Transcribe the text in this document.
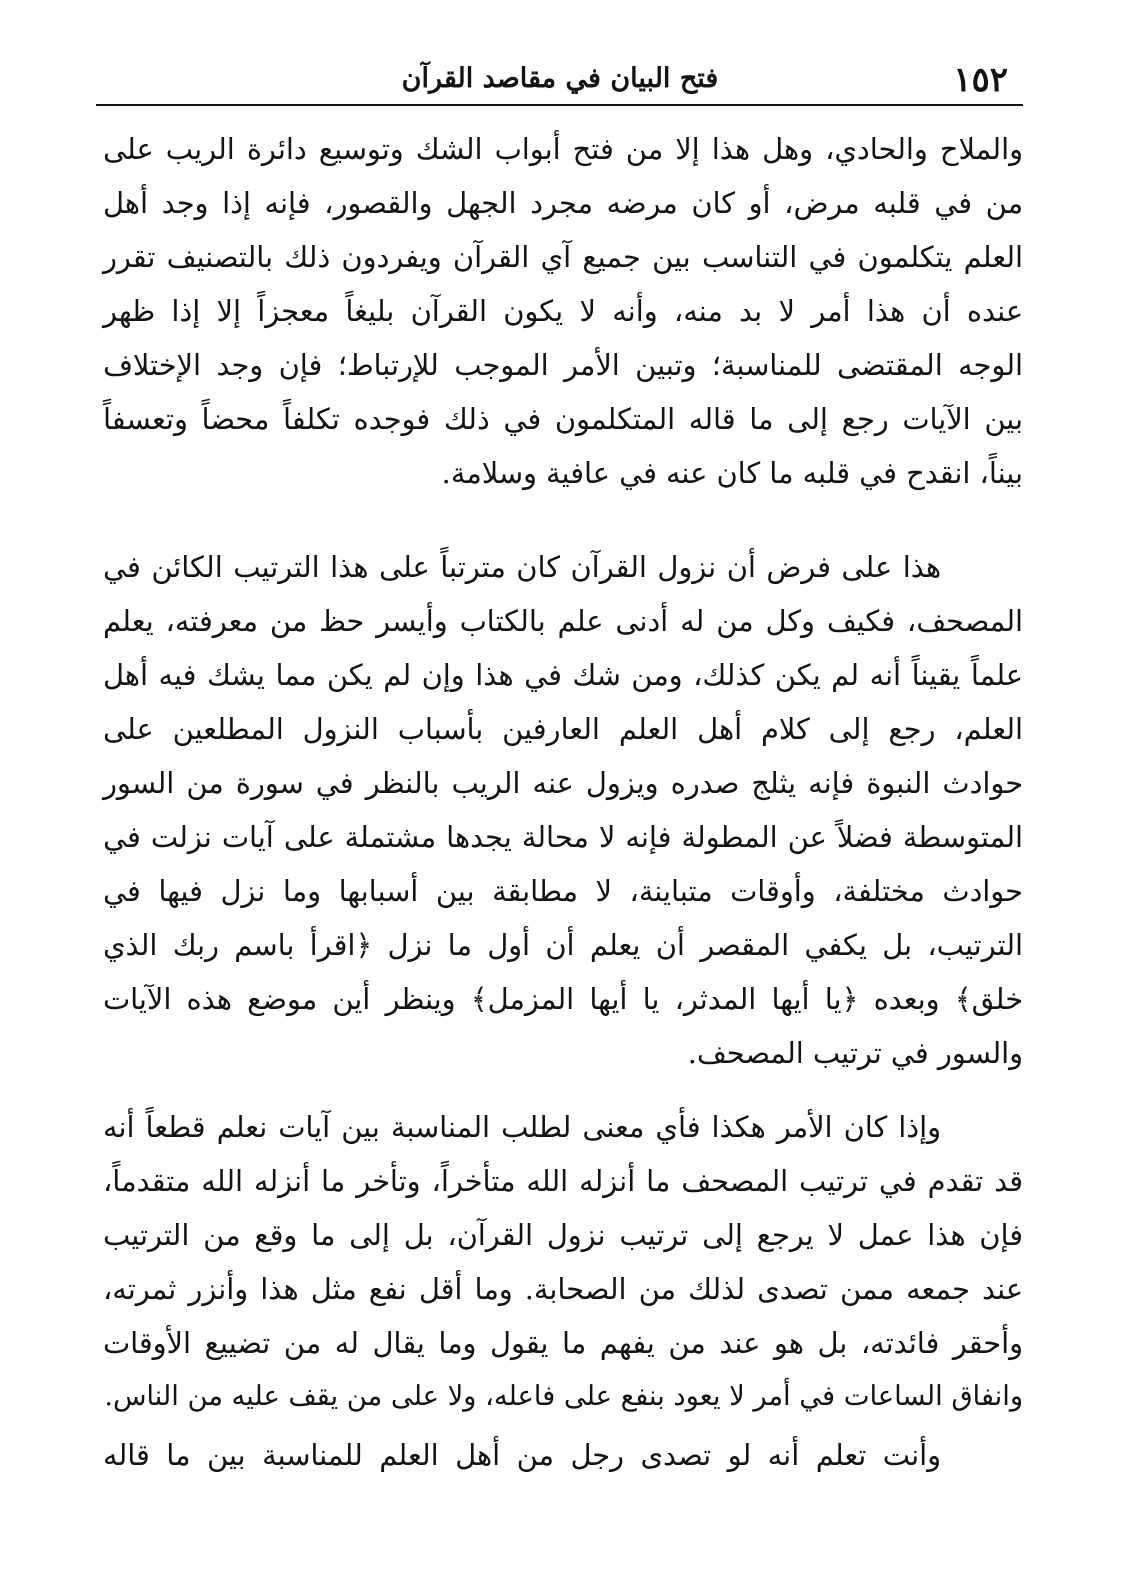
١٥٢
فتح البيان في مقاصد القرآن
والملاح والحادي، وهل هذا إلا من فتح أبواب الشك وتوسيع دائرة الريب على
من في قلبه مرض، أو كان مرضه مجرد الجهل والقصور، فإنه إذا وجد أهل
العلم يتكلمون في التناسب بين جميع آي القرآن ويفردون ذلك بالتصنيف تقرر
عنده أن هذا أمر لا بد منه، وأنه لا يكون القرآن بليغاً معجزاً إلا إذا ظهر
الوجه المقتضى للمناسبة؛ وتبين الأمر الموجب للإرتباط؛ فإن وجد الإختلاف
بين الآيات رجع إلى ما قاله المتكلمون في ذلك فوجده تكلفاً محضاً وتعسفاً
بيناً، انقدح في قلبه ما كان عنه في عافية وسلامة.
هذا على فرض أن نزول القرآن كان مترتباً على هذا الترتيب الكائن في
المصحف، فكيف وكل من له أدنى علم بالكتاب وأيسر حظ من معرفته، يعلم
علماً يقيناً أنه لم يكن كذلك، ومن شك في هذا وإن لم يكن مما يشك فيه أهل
العلم، رجع إلى كلام أهل العلم العارفين بأسباب النزول المطلعين على
حوادث النبوة فإنه يثلج صدره ويزول عنه الريب بالنظر في سورة من السور
المتوسطة فضلاً عن المطولة فإنه لا محالة يجدها مشتملة على آيات نزلت في
حوادث مختلفة، وأوقات متباينة، لا مطابقة بين أسبابها وما نزل فيها في
الترتيب، بل يكفي المقصر أن يعلم أن أول ما نزل ﴿اقرأ باسم ربك الذي
خلق﴾ وبعده ﴿يا أيها المدثر، يا أيها المزمل﴾ وينظر أين موضع هذه الآيات
والسور في ترتيب المصحف.
وإذا كان الأمر هكذا فأي معنى لطلب المناسبة بين آيات نعلم قطعاً أنه
قد تقدم في ترتيب المصحف ما أنزله الله متأخراً، وتأخر ما أنزله الله متقدماً،
فإن هذا عمل لا يرجع إلى ترتيب نزول القرآن، بل إلى ما وقع من الترتيب
عند جمعه ممن تصدى لذلك من الصحابة. وما أقل نفع مثل هذا وأنزر ثمرته،
وأحقر فائدته، بل هو عند من يفهم ما يقول وما يقال له من تضييع الأوقات
وانفاق الساعات في أمر لا يعود بنفع على فاعله، ولا على من يقف عليه من الناس.
وأنت تعلم أنه لو تصدى رجل من أهل العلم للمناسبة بين ما قاله
